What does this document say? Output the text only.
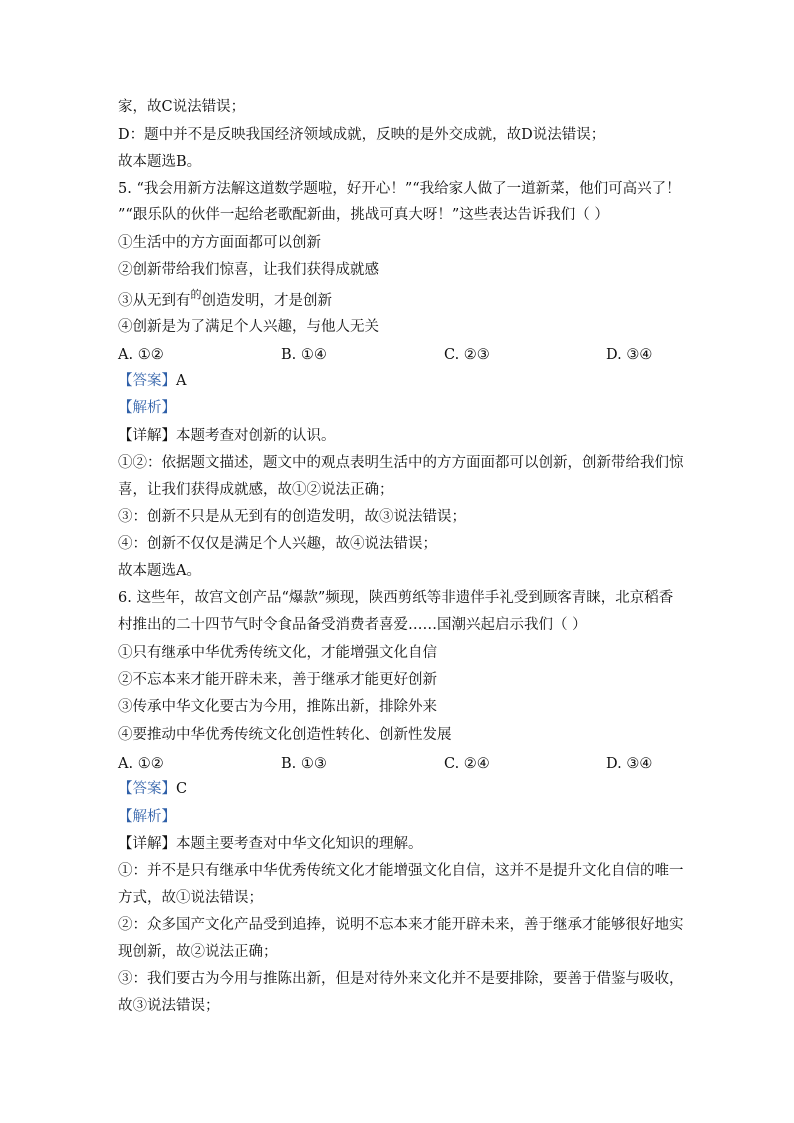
家，故C说法错误；
D：题中并不是反映我国经济领域成就，反映的是外交成就，故D说法错误；
故本题选B。
5. “我会用新方法解这道数学题啦，好开心！”“我给家人做了一道新菜，他们可高兴了！
”“跟乐队的伙伴一起给老歌配新曲，挑战可真大呀！”这些表达告诉我们（ ）
①生活中的方方面面都可以创新
②创新带给我们惊喜，让我们获得成就感
③从无到有$^的$创造发明，才是创新
④创新是为了满足个人兴趣，与他人无关
A. ①②	B. ①④	C. ②③	D. ③④
【答案】A
【解析】
【详解】本题考查对创新的认识。
①②：依据题文描述，题文中的观点表明生活中的方方面面都可以创新，创新带给我们惊
喜，让我们获得成就感，故①②说法正确；
③：创新不只是从无到有的创造发明，故③说法错误；
④：创新不仅仅是满足个人兴趣，故④说法错误；
故本题选A。
6. 这些年，故宫文创产品“爆款”频现，陕西剪纸等非遗伴手礼受到顾客青睐，北京稻香
村推出的二十四节气时令食品备受消费者喜爱……国潮兴起启示我们（ ）
①只有继承中华优秀传统文化，才能增强文化自信
②不忘本来才能开辟未来，善于继承才能更好创新
③传承中华文化要古为今用，推陈出新，排除外来
④要推动中华优秀传统文化创造性转化、创新性发展
A. ①②	B. ①③	C. ②④	D. ③④
【答案】C
【解析】
【详解】本题主要考查对中华文化知识的理解。
①：并不是只有继承中华优秀传统文化才能增强文化自信，这并不是提升文化自信的唯一
方式，故①说法错误；
②：众多国产文化产品受到追捧，说明不忘本来才能开辟未来，善于继承才能够很好地实
现创新，故②说法正确；
③：我们要古为今用与推陈出新，但是对待外来文化并不是要排除，要善于借鉴与吸收，
故③说法错误；
